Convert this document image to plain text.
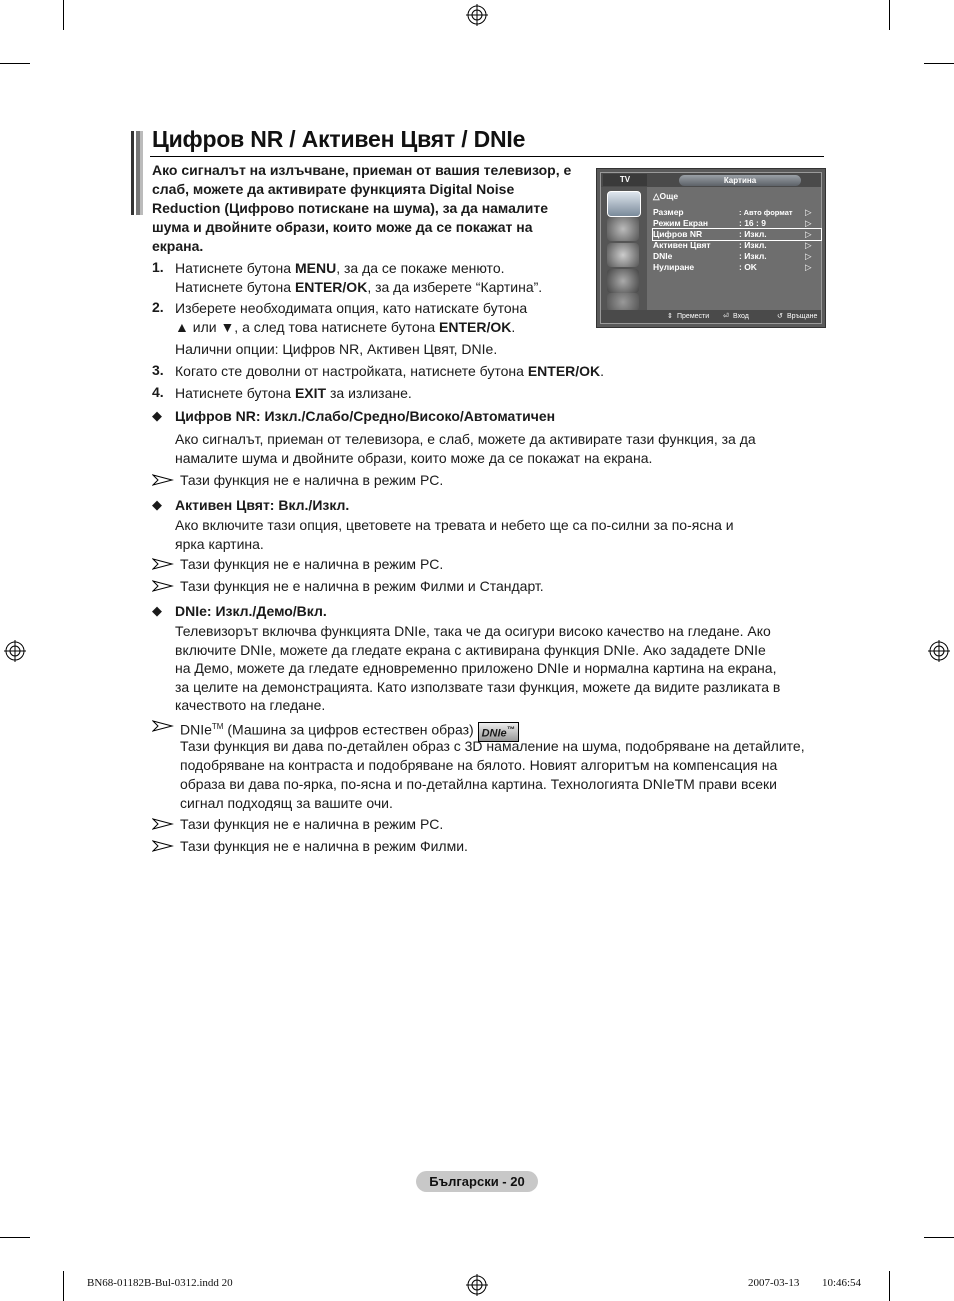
Цифров NR / Активен Цвят / DNIe
Ако сигналът на излъчване, приеман от вашия телевизор, е слаб, можете да активирате функцията Digital Noise Reduction (Цифрово потискане на шума), за да намалите шума и двойните образи, които може да се покажат на екрана.
TV	Картина
△Още
Размер	: Авто формат ▷
Режим Екран	: 16 : 9	▷
Цифров NR	: Изкл.	▷
Активен Цвят	: Изкл.	▷
DNIe	: Изкл.	▷
Нулиране	: OK	▷
⇕ Премести ⏎ Вход	↺ Връщане
1. Натиснете бутона MENU, за да се покаже менюто.
Натиснете бутона ENTER/OK, за да изберете “Картина”.
2. Изберете необходимата опция, като натискате бутона
▲ или ▼, а след това натиснете бутона ENTER/OK.
Налични опции: Цифров NR, Активен Цвят, DNIe.
3. Когато сте доволни от настройката, натиснете бутона ENTER/OK.
4. Натиснете бутона EXIT за излизане.
◆ Цифров NR: Изкл./Слабо/Средно/Високо/Автоматичен
Ако сигналът, приеман от телевизора, е слаб, можете да активирате тази функция, за да
намалите шума и двойните образи, които може да се покажат на екрана.
Тази функция не е налична в режим PC.
◆ Активен Цвят: Вкл./Изкл.
Ако включите тази опция, цветовете на тревата и небето ще са по-силни за по-ясна и
ярка картина.
Тази функция не е налична в режим PC.
Тази функция не е налична в режим Филми и Стандарт.
◆ DNIe: Изкл./Демо/Вкл.
Телевизорът включва функцията DNIe, така че да осигури високо качество на гледане. Ако
включите DNIe, можете да гледате екрана с активирана функция DNIe. Ако зададете DNIe
на Демо, можете да гледате едновременно приложено DNIe и нормална картина на екрана,
за целите на демонстрацията. Като използвате тази функция, можете да видите разликата в
качеството на гледане.
DNIe™ (Машина за цифров естествен образ) DNIe™
Тази функция ви дава по-детайлен образ с 3D намаление на шума, подобряване на детайлите,
подобряване на контраста и подобряване на бялото. Новият алгоритъм на компенсация на
образа ви дава по-ярка, по-ясна и по-детайлна картина. Технологията DNIeTM прави всеки
сигнал подходящ за вашите очи.
Тази функция не е налична в режим PC.
Тази функция не е налична в режим Филми.
Български - 20
BN68-01182B-Bul-0312.indd 20	2007-03-13 ￿￿ 10:46:54
